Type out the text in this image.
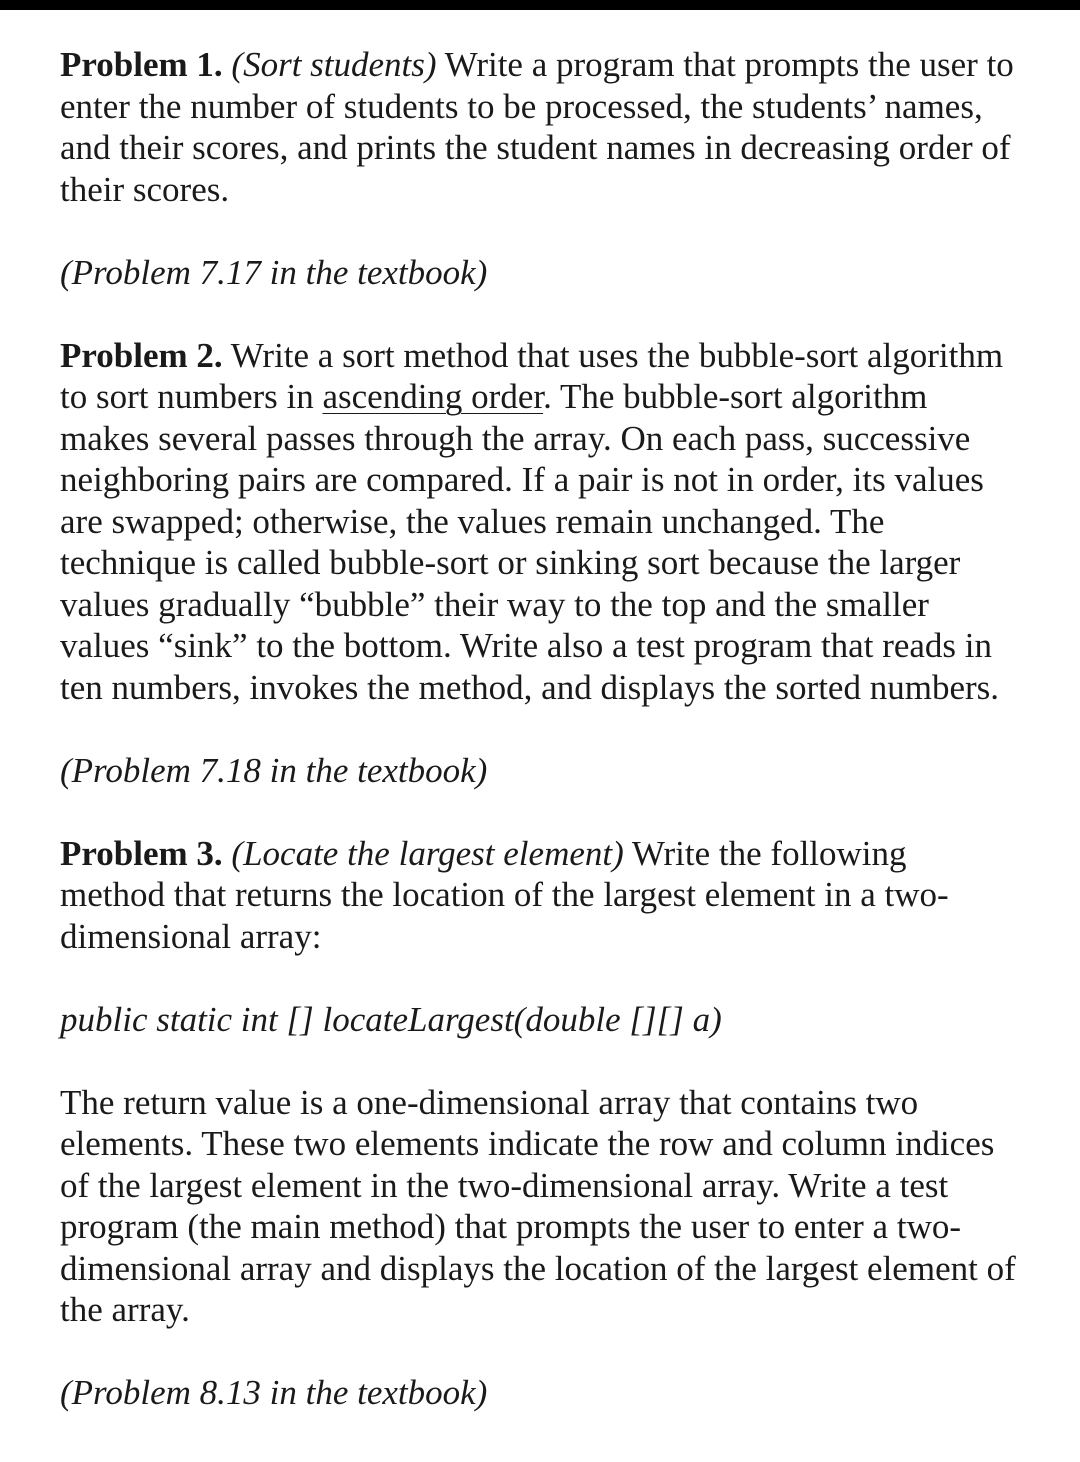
Problem 1. (Sort students) Write a program that prompts the user to enter the number of students to be processed, the students’ names, and their scores, and prints the student names in decreasing order of their scores.

(Problem 7.17 in the textbook)

Problem 2. Write a sort method that uses the bubble-sort algorithm to sort numbers in ascending order. The bubble-sort algorithm makes several passes through the array. On each pass, successive neighboring pairs are compared. If a pair is not in order, its values are swapped; otherwise, the values remain unchanged. The technique is called bubble-sort or sinking sort because the larger values gradually “bubble” their way to the top and the smaller values “sink” to the bottom. Write also a test program that reads in ten numbers, invokes the method, and displays the sorted numbers.

(Problem 7.18 in the textbook)

Problem 3. (Locate the largest element) Write the following method that returns the location of the largest element in a two-dimensional array:

public static int [] locateLargest(double [][] a)

The return value is a one-dimensional array that contains two elements. These two elements indicate the row and column indices of the largest element in the two-dimensional array. Write a test program (the main method) that prompts the user to enter a two-dimensional array and displays the location of the largest element of the array.

(Problem 8.13 in the textbook)
